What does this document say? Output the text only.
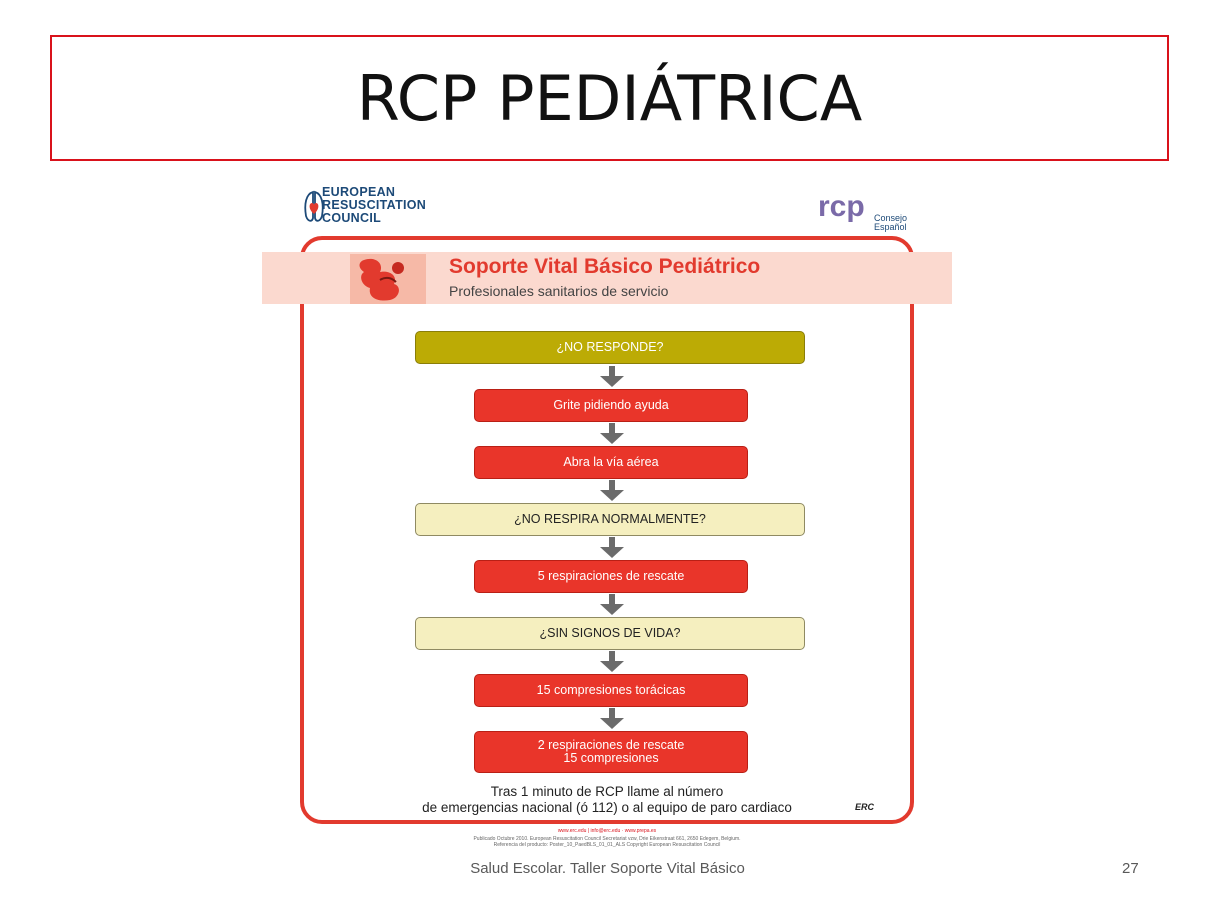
RCP PEDIÁTRICA
EUROPEAN
RESUSCITATION
COUNCIL	rcp Consejo
Español
Soporte Vital Básico Pediátrico
Profesionales sanitarios de servicio
¿NO RESPONDE?
Grite pidiendo ayuda
Abra la vía aérea
¿NO RESPIRA NORMALMENTE?
5 respiraciones de rescate
¿SIN SIGNOS DE VIDA?
15 compresiones torácicas
2 respiraciones de rescate
15 compresiones
Tras 1 minuto de RCP llame al número
de emergencias nacional (ó 112) o al equipo de paro cardiaco	ERC
www.erc.edu | info@erc.edu · www.prepa.es
Publicado Octubre 2010. European Resuscitation Council Secretariat vzw, Drie Eikenstraat 661, 2650 Edegem, Belgium.
Referencia del producto: Poster_10_PaedBLS_01_01_ALS Copyright European Resuscitation Council
Salud Escolar. Taller Soporte Vital Básico	27
